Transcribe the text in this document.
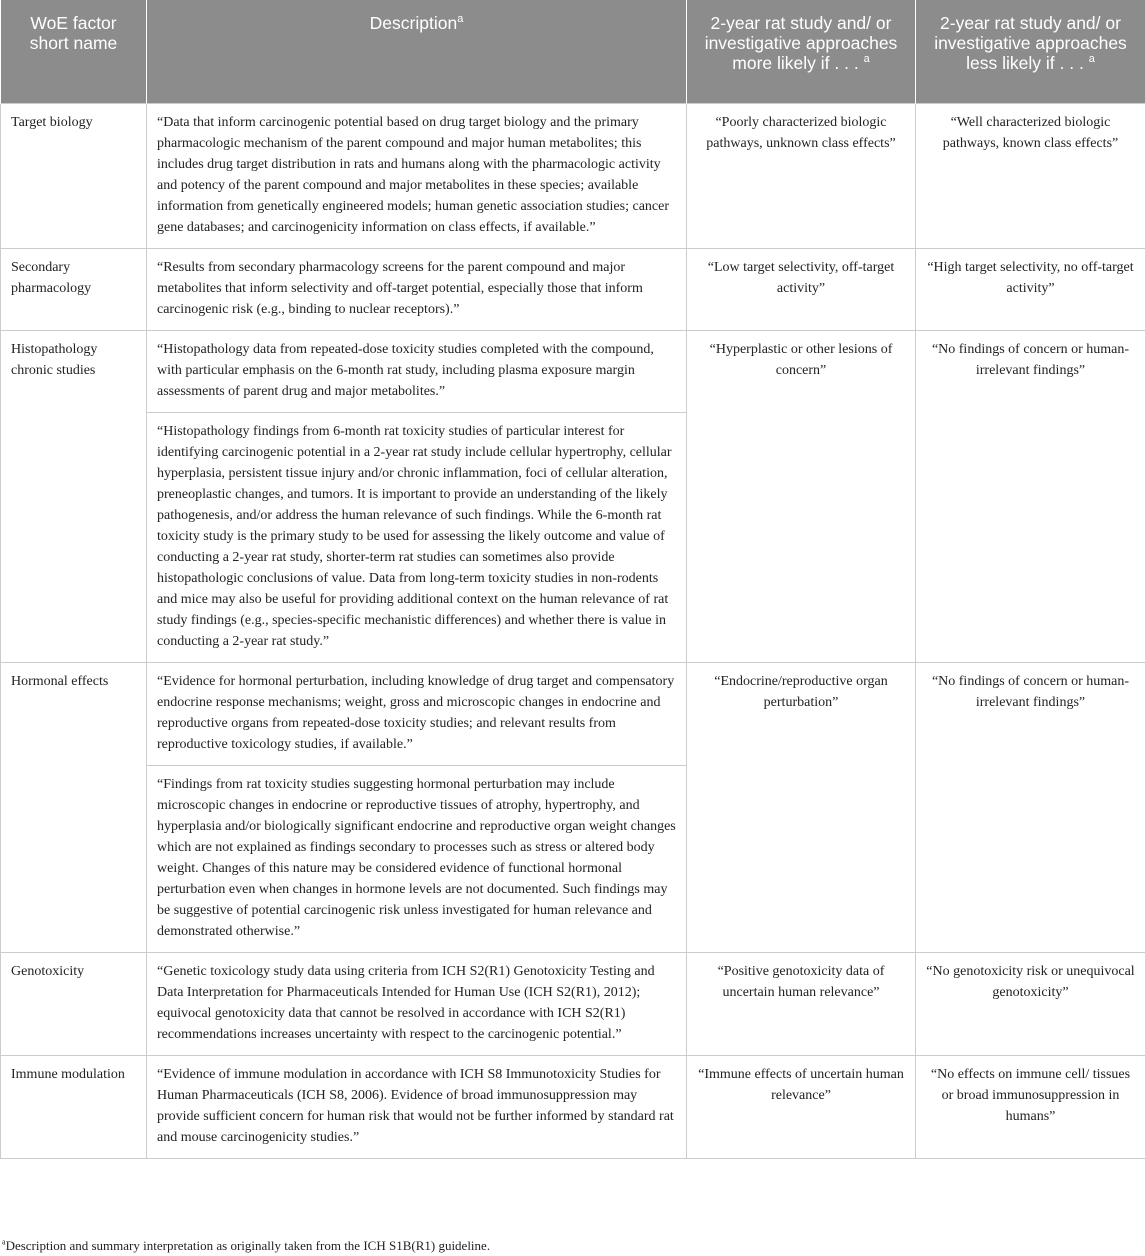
WoE factor short name	Description$^a$	2-year rat study and/ or investigative approaches more likely if . . . $^a$	2-year rat study and/ or investigative approaches less likely if . . . $^a$
Target biology	“Data that inform carcinogenic potential based on drug target biology and the primary pharmacologic mechanism of the parent compound and major human metabolites; this includes drug target distribution in rats and humans along with the pharmacologic activity and potency of the parent compound and major metabolites in these species; available information from genetically engineered models; human genetic association studies; cancer gene databases; and carcinogenicity information on class effects, if available.”	“Poorly characterized biologic pathways, unknown class effects”	“Well characterized biologic pathways, known class effects”
Secondary pharmacology	“Results from secondary pharmacology screens for the parent compound and major metabolites that inform selectivity and off-target potential, especially those that inform carcinogenic risk (e.g., binding to nuclear receptors).”	“Low target selectivity, off-target activity”	“High target selectivity, no off-target activity”
Histopathology chronic studies	“Histopathology data from repeated-dose toxicity studies completed with the compound, with particular emphasis on the 6-month rat study, including plasma exposure margin assessments of parent drug and major metabolites.”	“Hyperplastic or other lesions of concern”	“No findings of concern or human-irrelevant findings”
	“Histopathology findings from 6-month rat toxicity studies of particular interest for identifying carcinogenic potential in a 2-year rat study include cellular hypertrophy, cellular hyperplasia, persistent tissue injury and/or chronic inflammation, foci of cellular alteration, preneoplastic changes, and tumors. It is important to provide an understanding of the likely pathogenesis, and/or address the human relevance of such findings. While the 6-month rat toxicity study is the primary study to be used for assessing the likely outcome and value of conducting a 2-year rat study, shorter-term rat studies can sometimes also provide histopathologic conclusions of value. Data from long-term toxicity studies in non-rodents and mice may also be useful for providing additional context on the human relevance of rat study findings (e.g., species-specific mechanistic differences) and whether there is value in conducting a 2-year rat study.”		
Hormonal effects	“Evidence for hormonal perturbation, including knowledge of drug target and compensatory endocrine response mechanisms; weight, gross and microscopic changes in endocrine and reproductive organs from repeated-dose toxicity studies; and relevant results from reproductive toxicology studies, if available.”	“Endocrine/reproductive organ perturbation”	“No findings of concern or human-irrelevant findings”
	“Findings from rat toxicity studies suggesting hormonal perturbation may include microscopic changes in endocrine or reproductive tissues of atrophy, hypertrophy, and hyperplasia and/or biologically significant endocrine and reproductive organ weight changes which are not explained as findings secondary to processes such as stress or altered body weight. Changes of this nature may be considered evidence of functional hormonal perturbation even when changes in hormone levels are not documented. Such findings may be suggestive of potential carcinogenic risk unless investigated for human relevance and demonstrated otherwise.”		
Genotoxicity	“Genetic toxicology study data using criteria from ICH S2(R1) Genotoxicity Testing and Data Interpretation for Pharmaceuticals Intended for Human Use (ICH S2(R1), 2012); equivocal genotoxicity data that cannot be resolved in accordance with ICH S2(R1) recommendations increases uncertainty with respect to the carcinogenic potential.”	“Positive genotoxicity data of uncertain human relevance”	“No genotoxicity risk or unequivocal genotoxicity”
Immune modulation	“Evidence of immune modulation in accordance with ICH S8 Immunotoxicity Studies for Human Pharmaceuticals (ICH S8, 2006). Evidence of broad immunosuppression may provide sufficient concern for human risk that would not be further informed by standard rat and mouse carcinogenicity studies.”	“Immune effects of uncertain human relevance”	“No effects on immune cell/ tissues or broad immunosuppression in humans”
$^a$Description and summary interpretation as originally taken from the ICH S1B(R1) guideline.
